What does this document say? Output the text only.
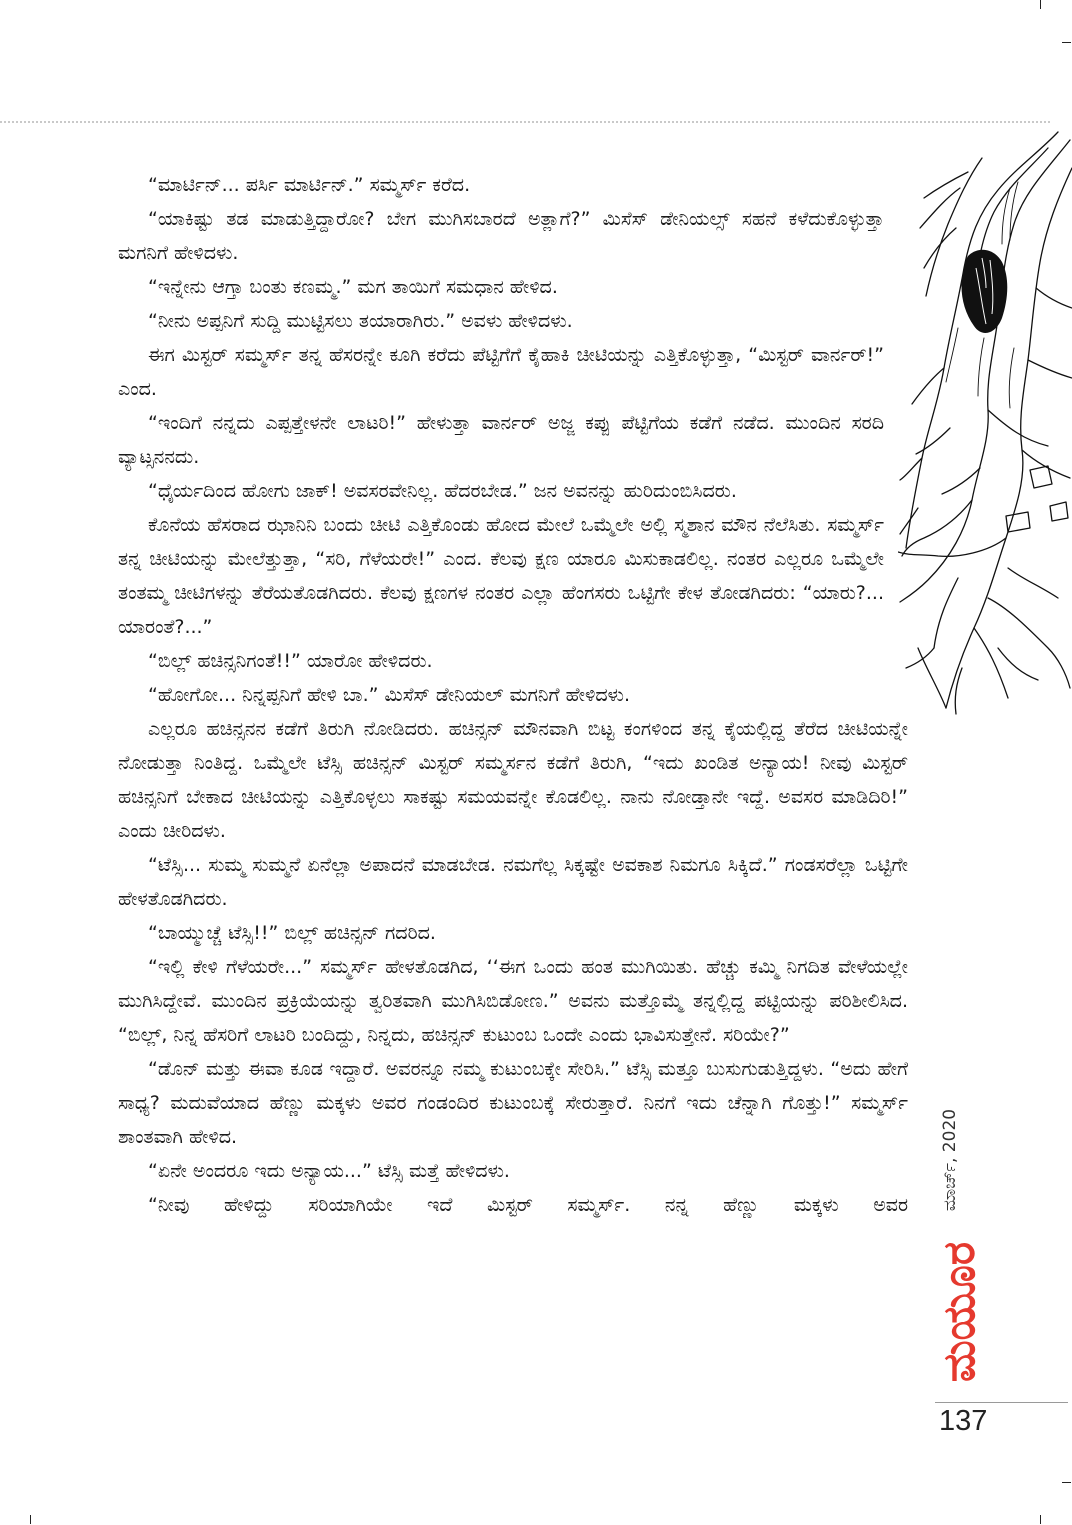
“ಮಾರ್ಟಿನ್... ಪರ್ಸಿ ಮಾರ್ಟಿನ್.” ಸಮ್ಮರ್ಸ್ ಕರೆದ.

“ಯಾಕಿಷ್ಟು ತಡ ಮಾಡುತ್ತಿದ್ದಾರೋ? ಬೇಗ ಮುಗಿಸಬಾರದೆ ಅತ್ಲಾಗೆ?” ಮಿಸೆಸ್ ಡೇನಿಯಲ್ಸ್ ಸಹನೆ ಕಳೆದುಕೊಳ್ಳುತ್ತಾ ಮಗನಿಗೆ ಹೇಳಿದಳು.

“ಇನ್ನೇನು ಆಗ್ತಾ ಬಂತು ಕಣಮ್ಮ.” ಮಗ ತಾಯಿಗೆ ಸಮಧಾನ ಹೇಳಿದ.

“ನೀನು ಅಪ್ಪನಿಗೆ ಸುದ್ದಿ ಮುಟ್ಟಿಸಲು ತಯಾರಾಗಿರು.” ಅವಳು ಹೇಳಿದಳು.

ಈಗ ಮಿಸ್ಟರ್ ಸಮ್ಮರ್ಸ್ ತನ್ನ ಹೆಸರನ್ನೇ ಕೂಗಿ ಕರೆದು ಪೆಟ್ಟಿಗೆಗೆ ಕೈಹಾಕಿ ಚೀಟಿಯನ್ನು ಎತ್ತಿಕೊಳ್ಳುತ್ತಾ, “ಮಿಸ್ಟರ್ ವಾರ್ನರ್!” ಎಂದ.

“ಇಂದಿಗೆ ನನ್ನದು ಎಪ್ಪತ್ತೇಳನೇ ಲಾಟರಿ!” ಹೇಳುತ್ತಾ ವಾರ್ನರ್ ಅಜ್ಜ ಕಪ್ಪು ಪೆಟ್ಟಿಗೆಯ ಕಡೆಗೆ ನಡೆದ. ಮುಂದಿನ ಸರದಿ ವ್ಯಾಟ್ಸನನದು.

“ಧೈರ್ಯದಿಂದ ಹೋಗು ಜಾಕ್! ಅವಸರವೇನಿಲ್ಲ. ಹೆದರಬೇಡ.” ಜನ ಅವನನ್ನು ಹುರಿದುಂಬಿಸಿದರು.

ಕೊನೆಯ ಹೆಸರಾದ ಝಾನಿನಿ ಬಂದು ಚೀಟಿ ಎತ್ತಿಕೊಂಡು ಹೋದ ಮೇಲೆ ಒಮ್ಮೆಲೇ ಅಲ್ಲಿ ಸ್ಮಶಾನ ಮೌನ ನೆಲೆಸಿತು. ಸಮ್ಮರ್ಸ್ ತನ್ನ ಚೀಟಿಯನ್ನು ಮೇಲೆತ್ತುತ್ತಾ, “ಸರಿ, ಗೆಳೆಯರೇ!” ಎಂದ. ಕೆಲವು ಕ್ಷಣ ಯಾರೂ ಮಿಸುಕಾಡಲಿಲ್ಲ. ನಂತರ ಎಲ್ಲರೂ ಒಮ್ಮೆಲೇ ತಂತಮ್ಮ ಚೀಟಿಗಳನ್ನು ತೆರೆಯತೊಡಗಿದರು. ಕೆಲವು ಕ್ಷಣಗಳ ನಂತರ ಎಲ್ಲಾ ಹೆಂಗಸರು ಒಟ್ಟಿಗೇ ಕೇಳ ತೋಡಗಿದರು: “ಯಾರು?... ಯಾರಂತೆ?...”

“ಬಿಲ್ಲ್ ಹಚಿನ್ಸನಿಗಂತೆ!!” ಯಾರೋ ಹೇಳಿದರು.

“ಹೋಗೋ... ನಿನ್ನಪ್ಪನಿಗೆ ಹೇಳಿ ಬಾ.” ಮಿಸೆಸ್ ಡೇನಿಯಲ್ ಮಗನಿಗೆ ಹೇಳಿದಳು.

ಎಲ್ಲರೂ ಹಚಿನ್ಸನನ ಕಡೆಗೆ ತಿರುಗಿ ನೋಡಿದರು. ಹಚಿನ್ಸನ್ ಮೌನವಾಗಿ ಬಿಟ್ಟ ಕಂಗಳಿಂದ ತನ್ನ ಕೈಯಲ್ಲಿದ್ದ ತೆರೆದ ಚೀಟಿಯನ್ನೇ ನೋಡುತ್ತಾ ನಿಂತಿದ್ದ. ಒಮ್ಮೆಲೇ ಟೆಸ್ಸಿ ಹಚಿನ್ಸನ್ ಮಿಸ್ಟರ್ ಸಮ್ಮರ್ಸನ ಕಡೆಗೆ ತಿರುಗಿ, “ಇದು ಖಂಡಿತ ಅನ್ಯಾಯ! ನೀವು ಮಿಸ್ಟರ್ ಹಚಿನ್ಸನಿಗೆ ಬೇಕಾದ ಚೀಟಿಯನ್ನು ಎತ್ತಿಕೊಳ್ಳಲು ಸಾಕಷ್ಟು ಸಮಯವನ್ನೇ ಕೊಡಲಿಲ್ಲ. ನಾನು ನೋಡ್ತಾನೇ ಇದ್ದೆ. ಅವಸರ ಮಾಡಿದಿರಿ!” ಎಂದು ಚೀರಿದಳು.

“ಟೆಸ್ಸಿ... ಸುಮ್ಮ ಸುಮ್ಮನೆ ಏನೆಲ್ಲಾ ಅಪಾದನೆ ಮಾಡಬೇಡ. ನಮಗೆಲ್ಲ ಸಿಕ್ಕಷ್ಟೇ ಅವಕಾಶ ನಿಮಗೂ ಸಿಕ್ಕಿದೆ.” ಗಂಡಸರೆಲ್ಲಾ ಒಟ್ಟಿಗೇ ಹೇಳತೊಡಗಿದರು.

“ಬಾಯ್ಮುಚ್ಚೆ ಟೆಸ್ಸಿ!!” ಬಿಲ್ಲ್ ಹಚಿನ್ಸನ್ ಗದರಿದ.

“ಇಲ್ಲಿ ಕೇಳಿ ಗೆಳೆಯರೇ...” ಸಮ್ಮರ್ಸ್ ಹೇಳತೊಡಗಿದ, ‘‘ಈಗ ಒಂದು ಹಂತ ಮುಗಿಯಿತು. ಹೆಚ್ಚು ಕಮ್ಮಿ ನಿಗದಿತ ವೇಳೆಯಲ್ಲೇ ಮುಗಿಸಿದ್ದೇವೆ. ಮುಂದಿನ ಪ್ರಕ್ರಿಯೆಯನ್ನು ತ್ವರಿತವಾಗಿ ಮುಗಿಸಿಬಿಡೋಣ.” ಅವನು ಮತ್ತೊಮ್ಮೆ ತನ್ನಲ್ಲಿದ್ದ ಪಟ್ಟಿಯನ್ನು ಪರಿಶೀಲಿಸಿದ. “ಬಿಲ್ಲ್, ನಿನ್ನ ಹೆಸರಿಗೆ ಲಾಟರಿ ಬಂದಿದ್ದು, ನಿನ್ನದು, ಹಚಿನ್ಸನ್ ಕುಟುಂಬ ಒಂದೇ ಎಂದು ಭಾವಿಸುತ್ತೇನೆ. ಸರಿಯೇ?”

“ಡೊನ್ ಮತ್ತು ಈವಾ ಕೂಡ ಇದ್ದಾರೆ. ಅವರನ್ನೂ ನಮ್ಮ ಕುಟುಂಬಕ್ಕೇ ಸೇರಿಸಿ.” ಟೆಸ್ಸಿ ಮತ್ತೂ ಬುಸುಗುಡುತ್ತಿದ್ದಳು. “ಅದು ಹೇಗೆ ಸಾಧ್ಯ? ಮದುವೆಯಾದ ಹೆಣ್ಣು ಮಕ್ಕಳು ಅವರ ಗಂಡಂದಿರ ಕುಟುಂಬಕ್ಕೆ ಸೇರುತ್ತಾರೆ. ನಿನಗೆ ಇದು ಚೆನ್ನಾಗಿ ಗೊತ್ತು!” ಸಮ್ಮರ್ಸ್ ಶಾಂತವಾಗಿ ಹೇಳಿದ.

“ಏನೇ ಅಂದರೂ ಇದು ಅನ್ಯಾಯ...” ಟೆಸ್ಸಿ ಮತ್ತೆ ಹೇಳಿದಳು.

“ನೀವು ಹೇಳಿದ್ದು ಸರಿಯಾಗಿಯೇ ಇದೆ ಮಿಸ್ಟರ್ ಸಮ್ಮರ್ಸ್. ನನ್ನ ಹೆಣ್ಣು ಮಕ್ಕಳು ಅವರ ಮಾರ್ಚ್, 2020
ಮಯೂರ
137
